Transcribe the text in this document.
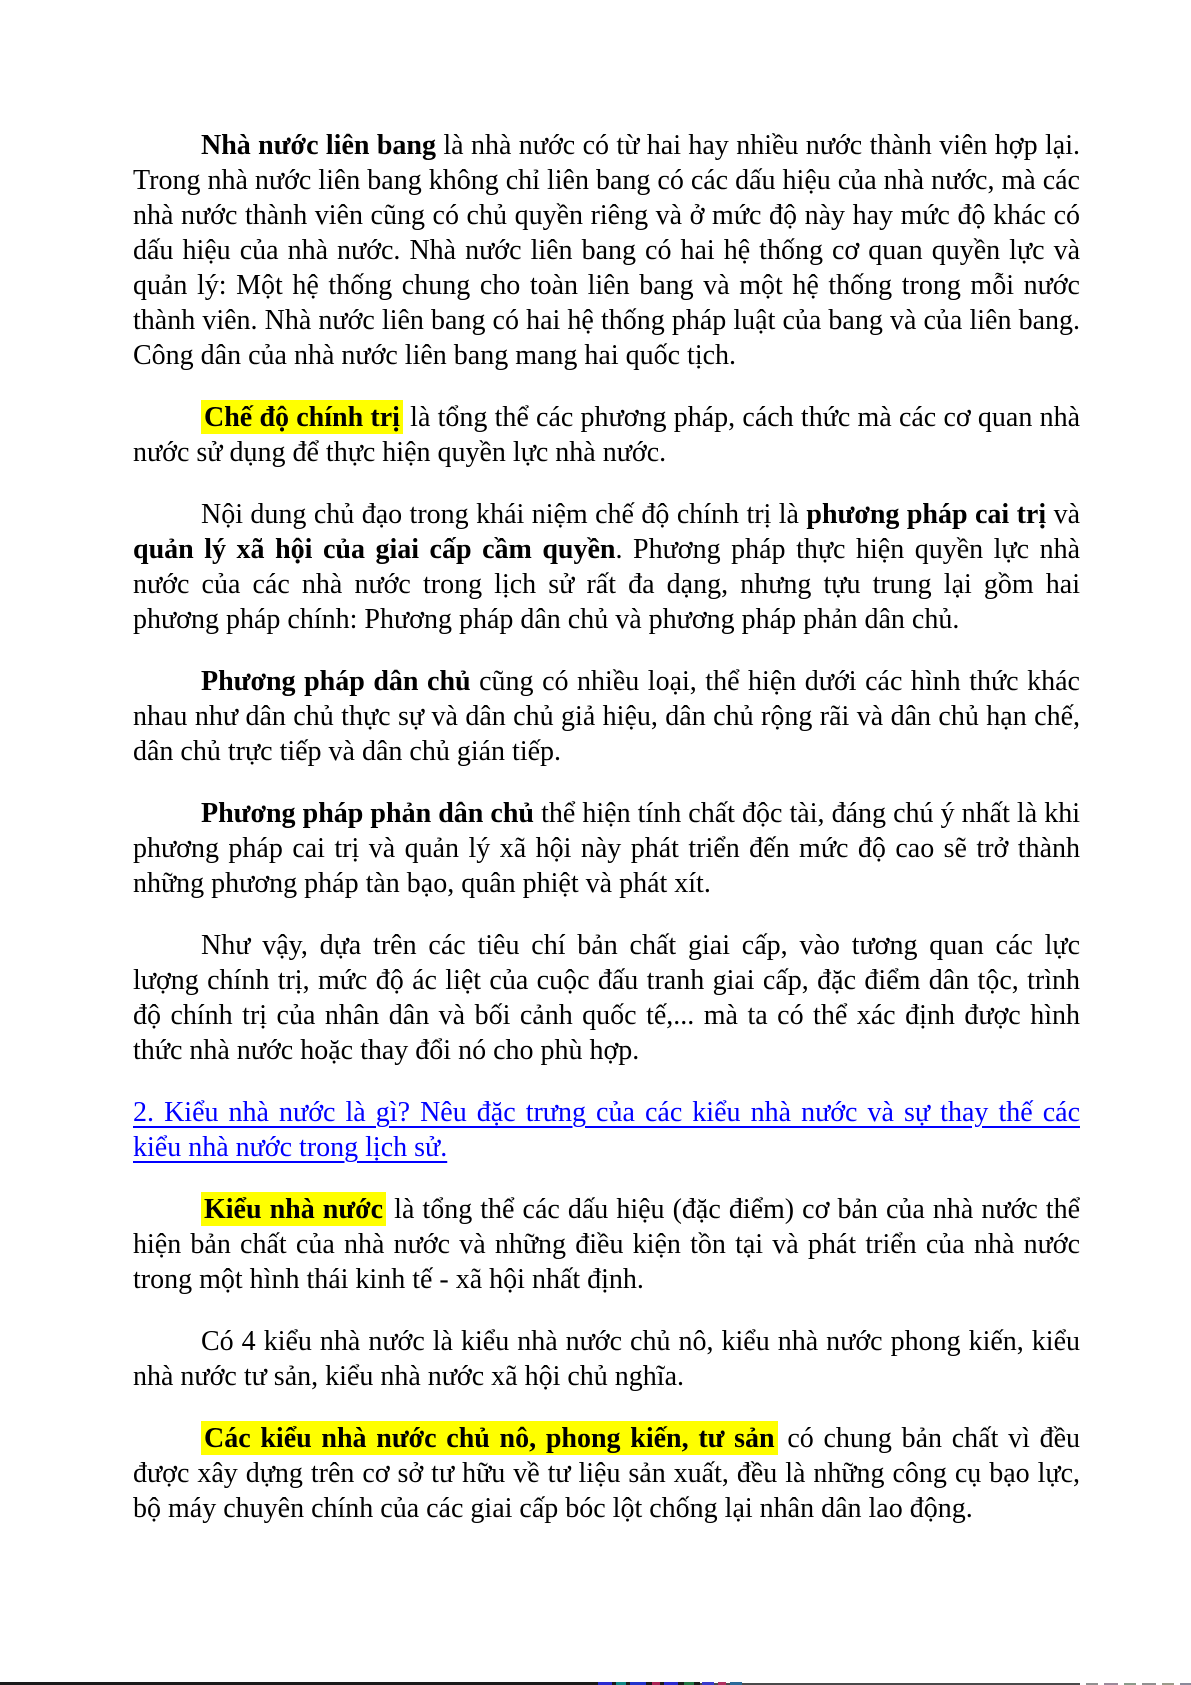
Nhà nước liên bang là nhà nước có từ hai hay nhiều nước thành viên hợp lại. Trong nhà nước liên bang không chỉ liên bang có các dấu hiệu của nhà nước, mà các nhà nước thành viên cũng có chủ quyền riêng và ở mức độ này hay mức độ khác có dấu hiệu của nhà nước. Nhà nước liên bang có hai hệ thống cơ quan quyền lực và quản lý: Một hệ thống chung cho toàn liên bang và một hệ thống trong mỗi nước thành viên. Nhà nước liên bang có hai hệ thống pháp luật của bang và của liên bang. Công dân của nhà nước liên bang mang hai quốc tịch.

Chế độ chính trị là tổng thể các phương pháp, cách thức mà các cơ quan nhà nước sử dụng để thực hiện quyền lực nhà nước.

Nội dung chủ đạo trong khái niệm chế độ chính trị là phương pháp cai trị và quản lý xã hội của giai cấp cầm quyền. Phương pháp thực hiện quyền lực nhà nước của các nhà nước trong lịch sử rất đa dạng, nhưng tựu trung lại gồm hai phương pháp chính: Phương pháp dân chủ và phương pháp phản dân chủ.

Phương pháp dân chủ cũng có nhiều loại, thể hiện dưới các hình thức khác nhau như dân chủ thực sự và dân chủ giả hiệu, dân chủ rộng rãi và dân chủ hạn chế, dân chủ trực tiếp và dân chủ gián tiếp.

Phương pháp phản dân chủ thể hiện tính chất độc tài, đáng chú ý nhất là khi phương pháp cai trị và quản lý xã hội này phát triển đến mức độ cao sẽ trở thành những phương pháp tàn bạo, quân phiệt và phát xít.

Như vậy, dựa trên các tiêu chí bản chất giai cấp, vào tương quan các lực lượng chính trị, mức độ ác liệt của cuộc đấu tranh giai cấp, đặc điểm dân tộc, trình độ chính trị của nhân dân và bối cảnh quốc tế,... mà ta có thể xác định được hình thức nhà nước hoặc thay đổi nó cho phù hợp.

2. Kiểu nhà nước là gì? Nêu đặc trưng của các kiểu nhà nước và sự thay thế các kiểu nhà nước trong lịch sử.

Kiểu nhà nước là tổng thể các dấu hiệu (đặc điểm) cơ bản của nhà nước thể hiện bản chất của nhà nước và những điều kiện tồn tại và phát triển của nhà nước trong một hình thái kinh tế - xã hội nhất định.

Có 4 kiểu nhà nước là kiểu nhà nước chủ nô, kiểu nhà nước phong kiến, kiểu nhà nước tư sản, kiểu nhà nước xã hội chủ nghĩa.

Các kiểu nhà nước chủ nô, phong kiến, tư sản có chung bản chất vì đều được xây dựng trên cơ sở tư hữu về tư liệu sản xuất, đều là những công cụ bạo lực, bộ máy chuyên chính của các giai cấp bóc lột chống lại nhân dân lao động.
